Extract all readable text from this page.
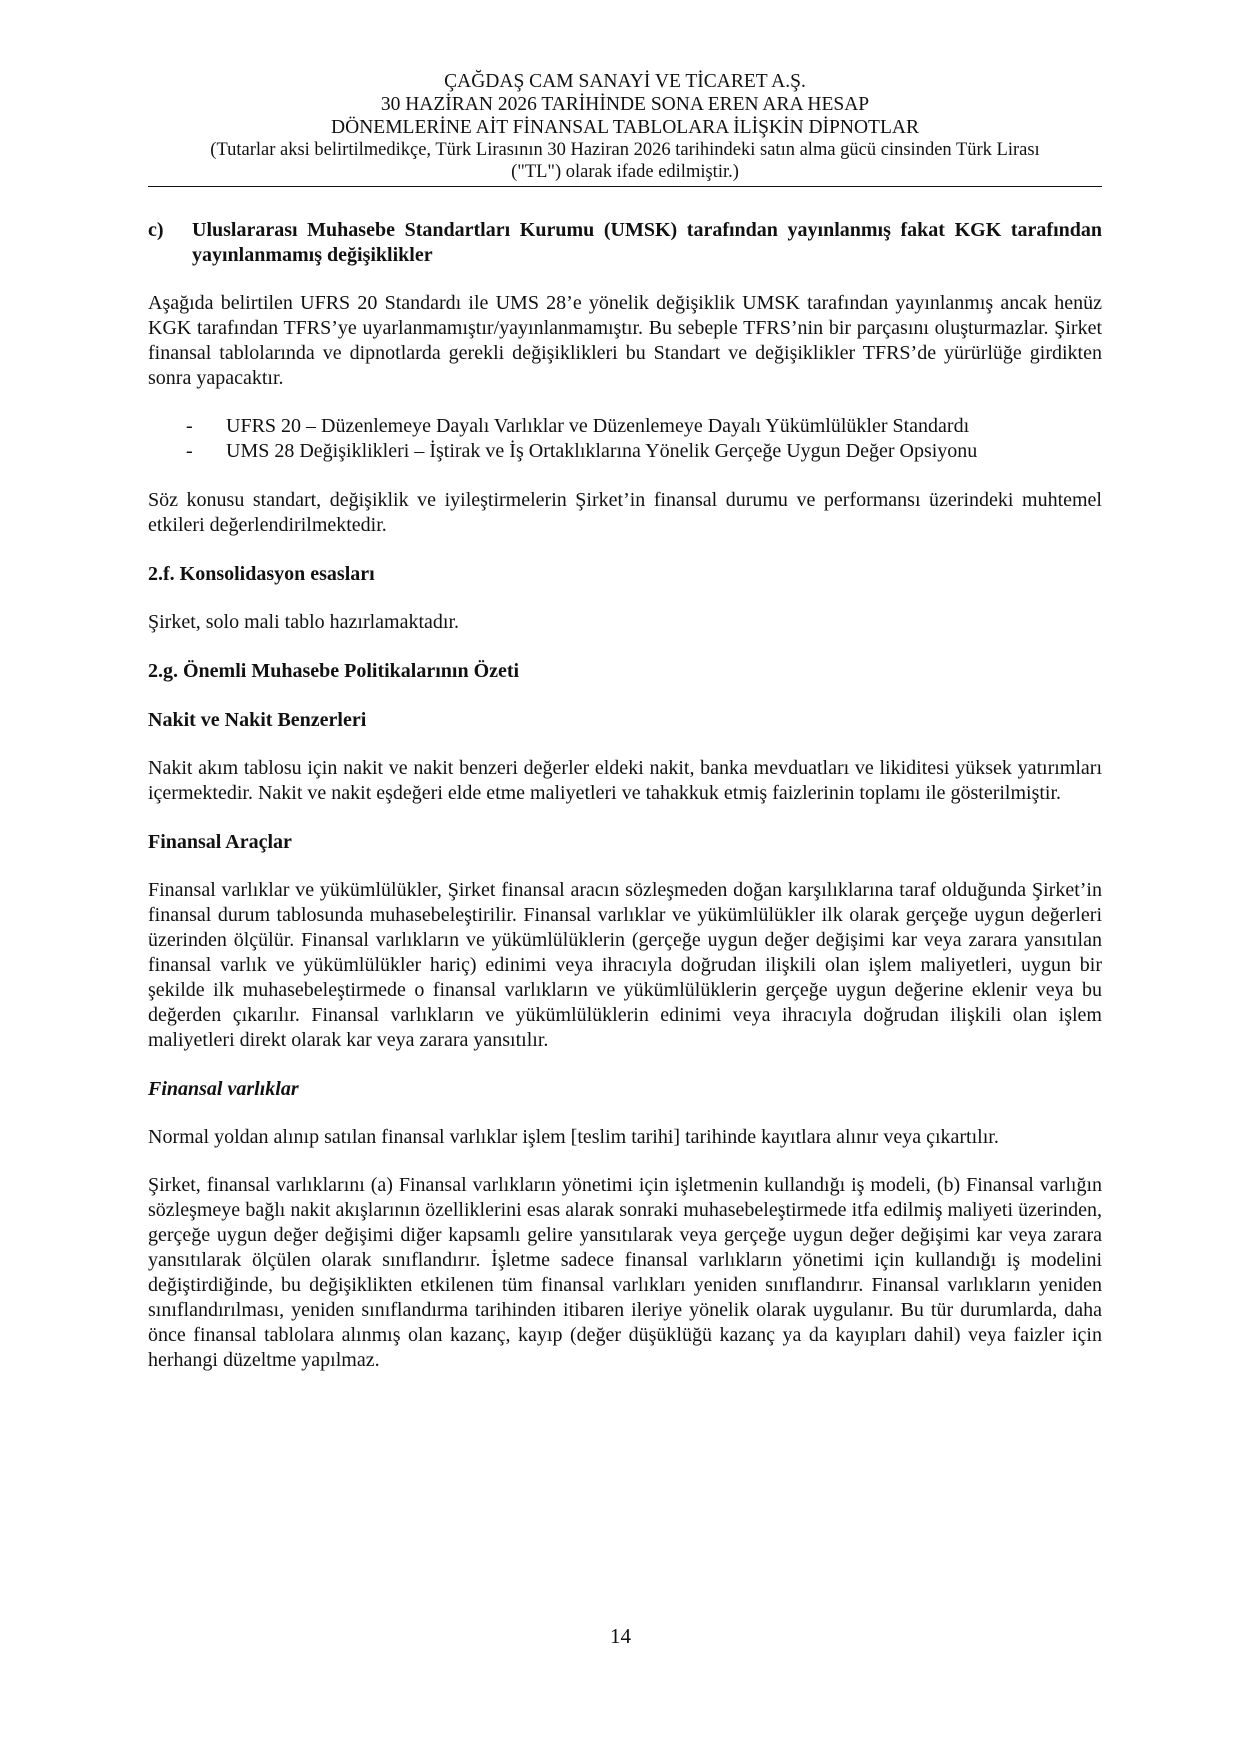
ÇAĞDAŞ CAM SANAYİ VE TİCARET A.Ş.
30 HAZİRAN 2026 TARİHİNDE SONA EREN ARA HESAP
DÖNEMLERİNE AİT FİNANSAL TABLOLARA İLİŞKİN DİPNOTLAR
(Tutarlar aksi belirtilmedikçe, Türk Lirasının 30 Haziran 2026 tarihindeki satın alma gücü cinsinden Türk Lirası
("TL") olarak ifade edilmiştir.)
c)	Uluslararası Muhasebe Standartları Kurumu (UMSK) tarafından yayınlanmış fakat KGK tarafından yayınlanmamış değişiklikler

Aşağıda belirtilen UFRS 20 Standardı ile UMS 28’e yönelik değişiklik UMSK tarafından yayınlanmış ancak henüz KGK tarafından TFRS’ye uyarlanmamıştır/yayınlanmamıştır. Bu sebeple TFRS’nin bir parçasını oluşturmazlar. Şirket finansal tablolarında ve dipnotlarda gerekli değişiklikleri bu Standart ve değişiklikler TFRS’de yürürlüğe girdikten sonra yapacaktır.

-	UFRS 20 – Düzenlemeye Dayalı Varlıklar ve Düzenlemeye Dayalı Yükümlülükler Standardı
-	UMS 28 Değişiklikleri – İştirak ve İş Ortaklıklarına Yönelik Gerçeğe Uygun Değer Opsiyonu

Söz konusu standart, değişiklik ve iyileştirmelerin Şirket’in finansal durumu ve performansı üzerindeki muhtemel etkileri değerlendirilmektedir.

2.f. Konsolidasyon esasları

Şirket, solo mali tablo hazırlamaktadır.

2.g. Önemli Muhasebe Politikalarının Özeti
Nakit ve Nakit Benzerleri

Nakit akım tablosu için nakit ve nakit benzeri değerler eldeki nakit, banka mevduatları ve likiditesi yüksek yatırımları içermektedir. Nakit ve nakit eşdeğeri elde etme maliyetleri ve tahakkuk etmiş faizlerinin toplamı ile gösterilmiştir.

Finansal Araçlar

Finansal varlıklar ve yükümlülükler, Şirket finansal aracın sözleşmeden doğan karşılıklarına taraf olduğunda Şirket’in finansal durum tablosunda muhasebeleştirilir. Finansal varlıklar ve yükümlülükler ilk olarak gerçeğe uygun değerleri üzerinden ölçülür. Finansal varlıkların ve yükümlülüklerin (gerçeğe uygun değer değişimi kar veya zarara yansıtılan finansal varlık ve yükümlülükler hariç) edinimi veya ihracıyla doğrudan ilişkili olan işlem maliyetleri, uygun bir şekilde ilk muhasebeleştirmede o finansal varlıkların ve yükümlülüklerin gerçeğe uygun değerine eklenir veya bu değerden çıkarılır. Finansal varlıkların ve yükümlülüklerin edinimi veya ihracıyla doğrudan ilişkili olan işlem maliyetleri direkt olarak kar veya zarara yansıtılır.

Finansal varlıklar

Normal yoldan alınıp satılan finansal varlıklar işlem [teslim tarihi] tarihinde kayıtlara alınır veya çıkartılır.

Şirket, finansal varlıklarını (a) Finansal varlıkların yönetimi için işletmenin kullandığı iş modeli, (b) Finansal varlığın sözleşmeye bağlı nakit akışlarının özelliklerini esas alarak sonraki muhasebeleştirmede itfa edilmiş maliyeti üzerinden, gerçeğe uygun değer değişimi diğer kapsamlı gelire yansıtılarak veya gerçeğe uygun değer değişimi kar veya zarara yansıtılarak ölçülen olarak sınıflandırır. İşletme sadece finansal varlıkların yönetimi için kullandığı iş modelini değiştirdiğinde, bu değişiklikten etkilenen tüm finansal varlıkları yeniden sınıflandırır. Finansal varlıkların yeniden sınıflandırılması, yeniden sınıflandırma tarihinden itibaren ileriye yönelik olarak uygulanır. Bu tür durumlarda, daha önce finansal tablolara alınmış olan kazanç, kayıp (değer düşüklüğü kazanç ya da kayıpları dahil) veya faizler için herhangi düzeltme yapılmaz.

14
